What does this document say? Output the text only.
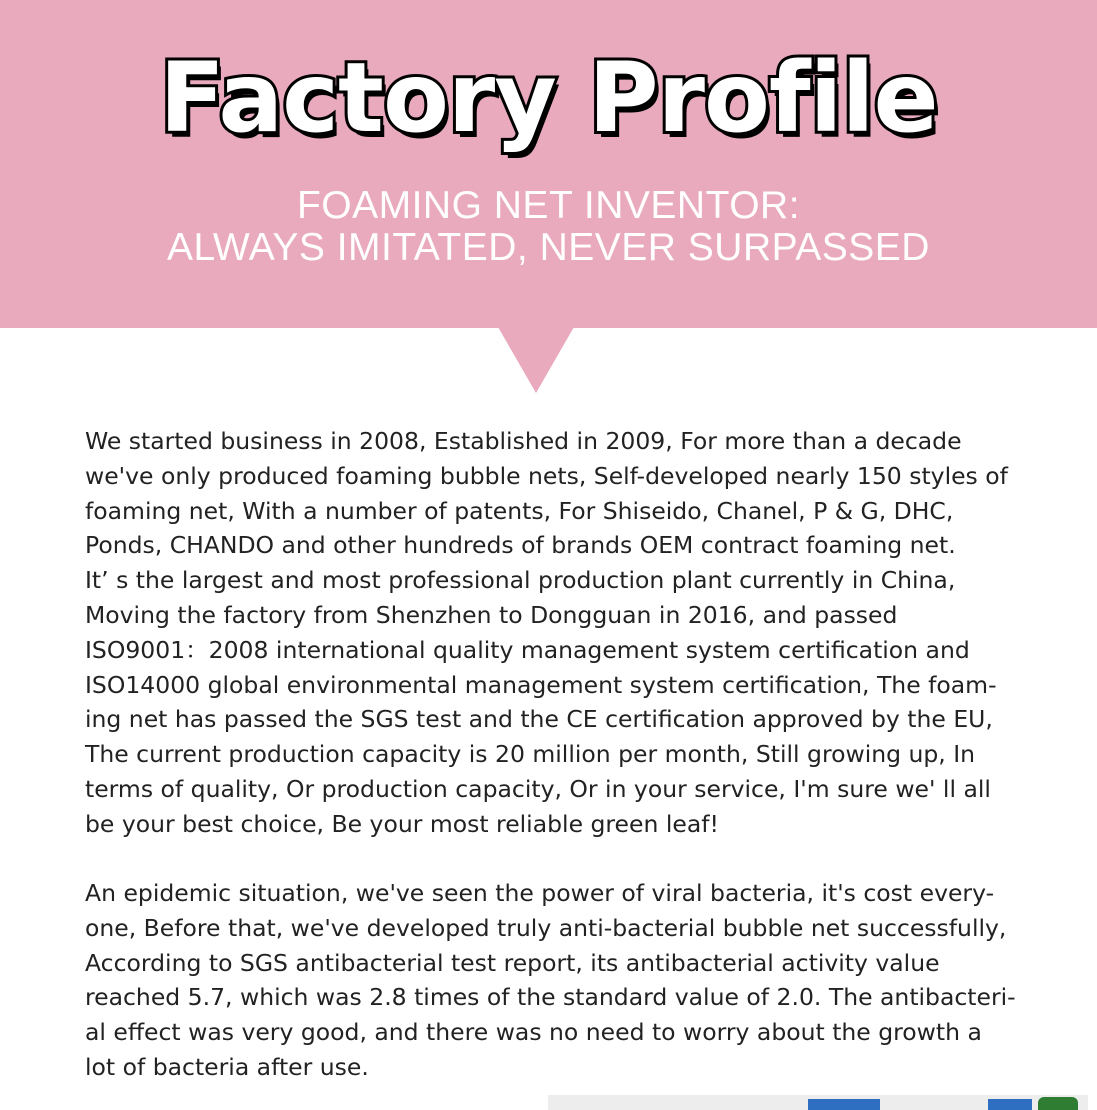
Factory Profile
FOAMING NET INVENTOR:
ALWAYS IMITATED, NEVER SURPASSED
We started business in 2008, Established in 2009, For more than a decade
we've only produced foaming bubble nets, Self-developed nearly 150 styles of
foaming net, With a number of patents, For Shiseido, Chanel, P & G, DHC,
Ponds, CHANDO and other hundreds of brands OEM contract foaming net.
It’ s the largest and most professional production plant currently in China,
Moving the factory from Shenzhen to Dongguan in 2016, and passed
ISO9001：2008 international quality management system certification and
ISO14000 global environmental management system certification, The foam-
ing net has passed the SGS test and the CE certification approved by the EU,
The current production capacity is 20 million per month, Still growing up, In
terms of quality, Or production capacity, Or in your service, I'm sure we' ll all
be your best choice, Be your most reliable green leaf!
An epidemic situation, we've seen the power of viral bacteria, it's cost every-
one, Before that, we've developed truly anti-bacterial bubble net successfully,
According to SGS antibacterial test report, its antibacterial activity value
reached 5.7, which was 2.8 times of the standard value of 2.0. The antibacteri-
al effect was very good, and there was no need to worry about the growth a
lot of bacteria after use.
